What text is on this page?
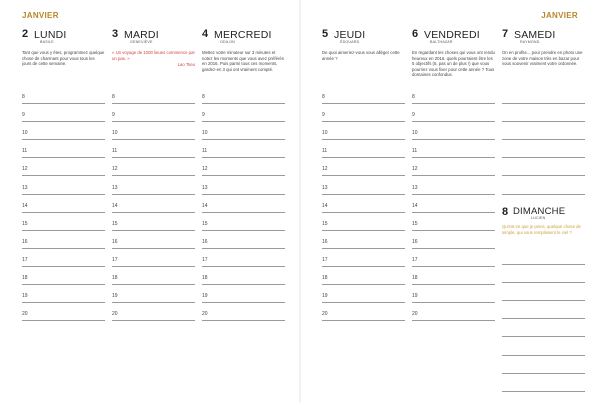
JANVIER	JANVIER
2 LUNDI
BASILE
Tant que vous y êtes, programmez quelque chose de charmant pour vous tous les jours de cette semaine.
8
9
10
11
12
13
14
15
16
17
18
19
20
3 MARDI
GENEVIÈVE
« Un voyage de 1000 lieues commence par un pas. »
Lao Tseu
8
9
10
11
12
13
14
15
16
17
18
19
20
4 MERCREDI
ODILON
Mettez votre minuteur sur 3 minutes et notez les moments que vous avez préférés en 2016. Puis parmi tous ces moments, gardez-en 3 qui ont vraiment compté.
8
9
10
11
12
13
14
15
16
17
18
19
20
5 JEUDI
ÉDOUARD
De quoi aimeriez-vous vous alléger cette année ?
8
9
10
11
12
13
14
15
16
17
18
19
20
6 VENDREDI
BALTHAZAR
En regardant les choses qui vous ont rendu heureux en 2016, quels pourraient être les 5 objectifs (5, pas un de plus !) que vous pourriez vous fixer pour cette année ? Tous domaines confondus.
8
9
10
11
12
13
14
15
16
17
18
19
20
7 SAMEDI
RAYMOND
On en profite... pour prendre en photo une zone de votre maison très en bazar pour vous souvenir vraiment votre ordonnée.
8 DIMANCHE
LUCIEN
Qu'est-ce que je peins, quelque chose de simple, qui vous remplissent le ciel ?
